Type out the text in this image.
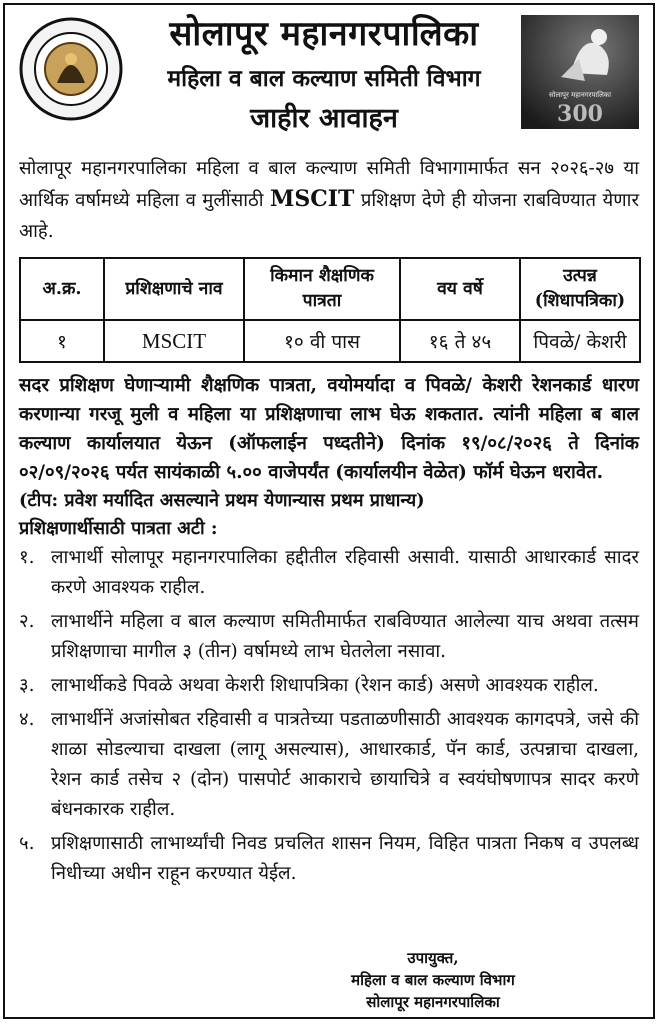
सोलापूर महानगरपालिका
महिला व बाल कल्याण समिती विभाग
जाहीर आवाहन
सोलापूर महानगरपालिका
300
सोलापूर महानगरपालिका महिला व बाल कल्याण समिती विभागामार्फत सन २०२६-२७ या आर्थिक वर्षामध्ये महिला व मुलींसाठी MSCIT प्रशिक्षण देणे ही योजना राबविण्यात येणार आहे.
अ.क्र.	प्रशिक्षणाचे नाव	किमान शैक्षणिक पात्रता	वय वर्षे	उत्पन्न (शिधापत्रिका)
१	MSCIT	१० वी पास	१६ ते ४५	पिवळे/ केशरी
सदर प्रशिक्षण घेणाऱ्यामी शैक्षणिक पात्रता, वयोमर्यादा व पिवळे/ केशरी रेशनकार्ड धारण करणान्या गरजू मुली व महिला या प्रशिक्षणाचा लाभ घेऊ शकतात. त्यांनी महिला ब बाल कल्याण कार्यालयात येऊन (ऑफलाईन पध्दतीने) दिनांक १९/०८/२०२६ ते दिनांक ०२/०९/२०२६ पर्यत सायंकाळी ५.०० वाजेपर्यंत (कार्यालयीन वेळेत) फॉर्म घेऊन धरावेत.
(टीप: प्रवेश मर्यादित असल्याने प्रथम येणान्यास प्रथम प्राधान्य)
प्रशिक्षणार्थीसाठी पात्रता अटी :
१. लाभार्थी सोलापूर महानगरपालिका हद्दीतील रहिवासी असावी. यासाठी आधारकार्ड सादर करणे आवश्यक राहील.
२. लाभार्थीने महिला व बाल कल्याण समितीमार्फत राबविण्यात आलेल्या याच अथवा तत्सम प्रशिक्षणाचा मागील ३ (तीन) वर्षामध्ये लाभ घेतलेला नसावा.
३. लाभार्थीकडे पिवळे अथवा केशरी शिधापत्रिका (रेशन कार्ड) असणे आवश्यक राहील.
४. लाभार्थीनें अजांसोबत रहिवासी व पात्रतेच्या पडताळणीसाठी आवश्यक कागदपत्रे, जसे की शाळा सोडल्याचा दाखला (लागू असल्यास), आधारकार्ड, पॅन कार्ड, उत्पन्नाचा दाखला, रेशन कार्ड तसेच २ (दोन) पासपोर्ट आकाराचे छायाचित्रे व स्वयंघोषणापत्र सादर करणे बंधनकारक राहील.
५. प्रशिक्षणासाठी लाभार्थ्यांची निवड प्रचलित शासन नियम, विहित पात्रता निकष व उपलब्ध निधीच्या अधीन राहून करण्यात येईल.
उपायुक्त,
महिला व बाल कल्याण विभाग
सोलापूर महानगरपालिका
